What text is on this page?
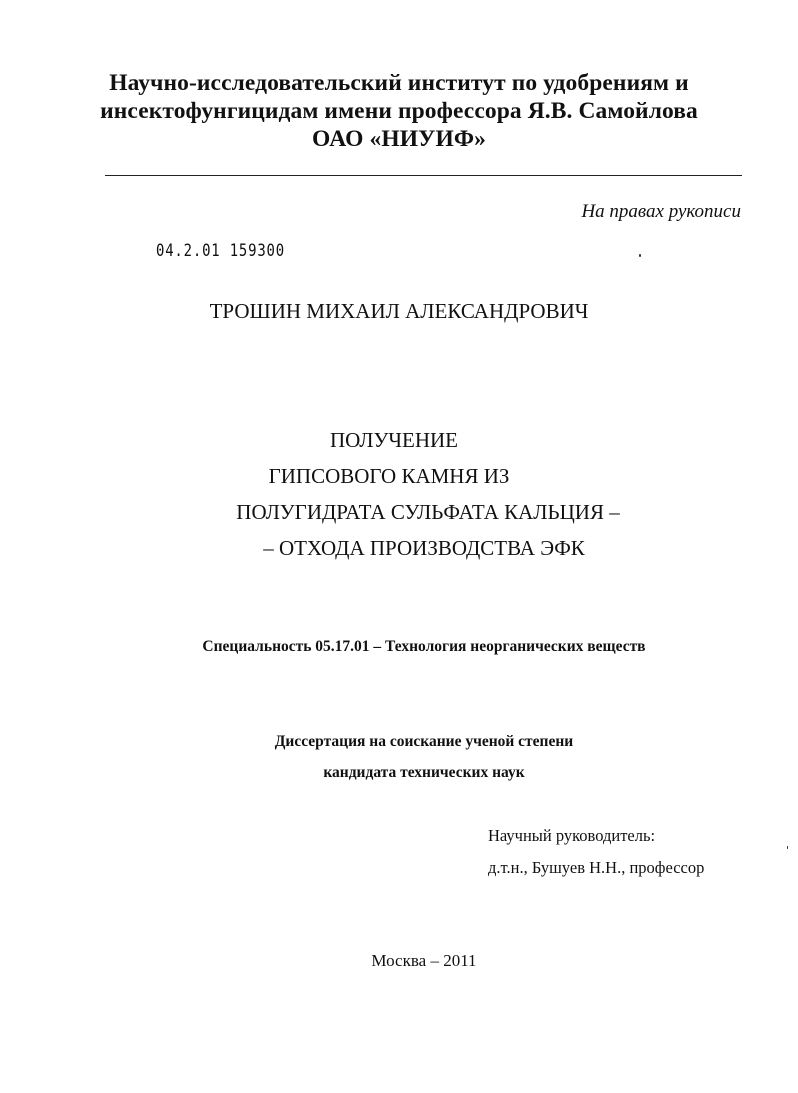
Научно-исследовательский институт по удобрениям и
инсектофунгицидам имени профессора Я.В. Самойлова
ОАО «НИУИФ»
На правах рукописи
04.2.01 159300
ТРОШИН МИХАИЛ АЛЕКСАНДРОВИЧ
ПОЛУЧЕНИЕ
ГИПСОВОГО КАМНЯ ИЗ
ПОЛУГИДРАТА СУЛЬФАТА КАЛЬЦИЯ –
– ОТХОДА ПРОИЗВОДСТВА ЭФК
Специальность 05.17.01 – Технология неорганических веществ
Диссертация на соискание ученой степени
кандидата технических наук
Научный руководитель:
д.т.н., Бушуев Н.Н., профессор
Москва – 2011
